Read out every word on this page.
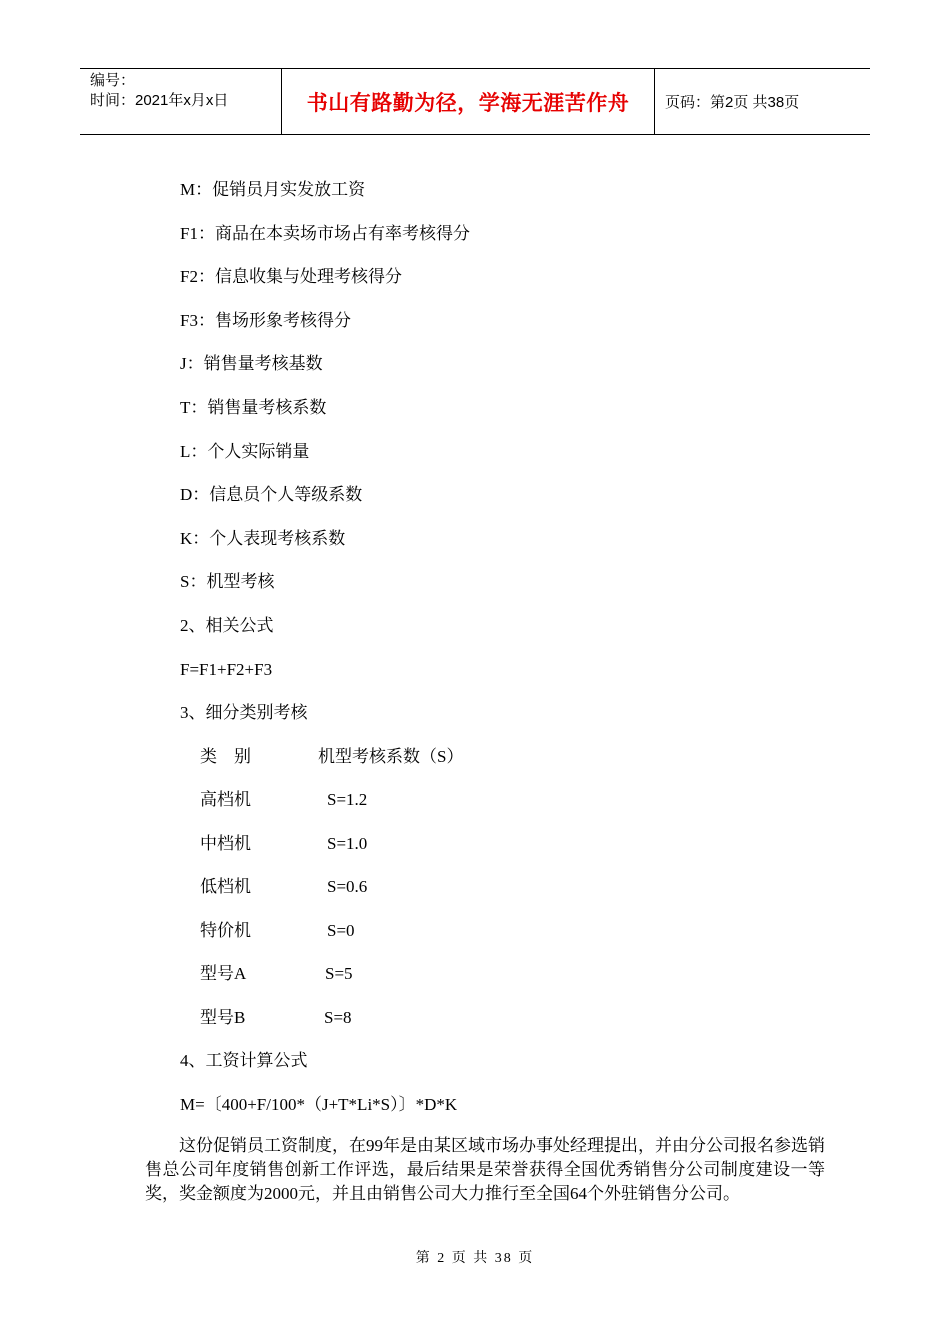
编号：
时间：2021年x月x日	书山有路勤为径，学海无涯苦作舟	页码：第2页 共38页
M：促销员月实发放工资
F1：商品在本卖场市场占有率考核得分
F2：信息收集与处理考核得分
F3：售场形象考核得分
J：销售量考核基数
T：销售量考核系数
L：个人实际销量
D：信息员个人等级系数
K：个人表现考核系数
S：机型考核
2、相关公式
F=F1+F2+F3
3、细分类别考核
类    别	机型考核系数（S）
高档机	S=1.2
中档机	S=1.0
低档机	S=0.6
特价机	S=0
型号A	S=5
型号B	S=8
4、工资计算公式
M=〔400+F/100*（J+T*Li*S）〕*D*K
这份促销员工资制度，在99年是由某区域市场办事处经理提出，并由分公司报名参选销售总公司年度销售创新工作评选，最后结果是荣誉获得全国优秀销售分公司制度建设一等奖，奖金额度为2000元，并且由销售公司大力推行至全国64个外驻销售分公司。
第 2 页 共 38 页
